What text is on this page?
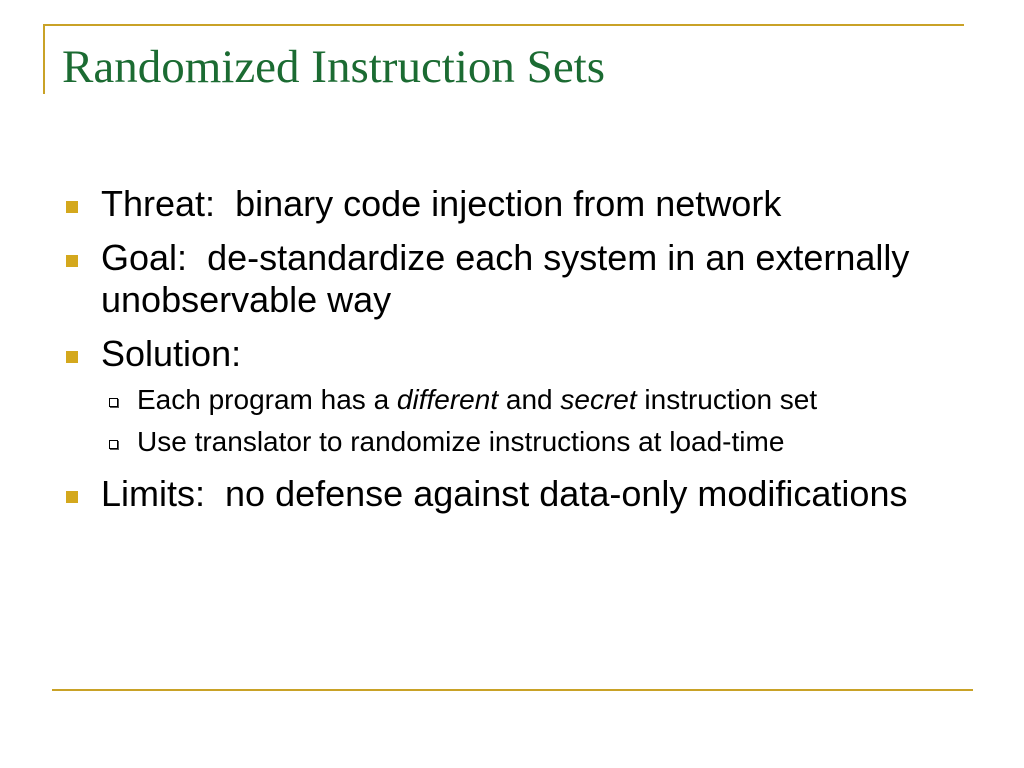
Randomized Instruction Sets
Threat: binary code injection from network
Goal: de-standardize each system in an externally unobservable way
Solution:
Each program has a different and secret instruction set
Use translator to randomize instructions at load-time
Limits: no defense against data-only modifications
